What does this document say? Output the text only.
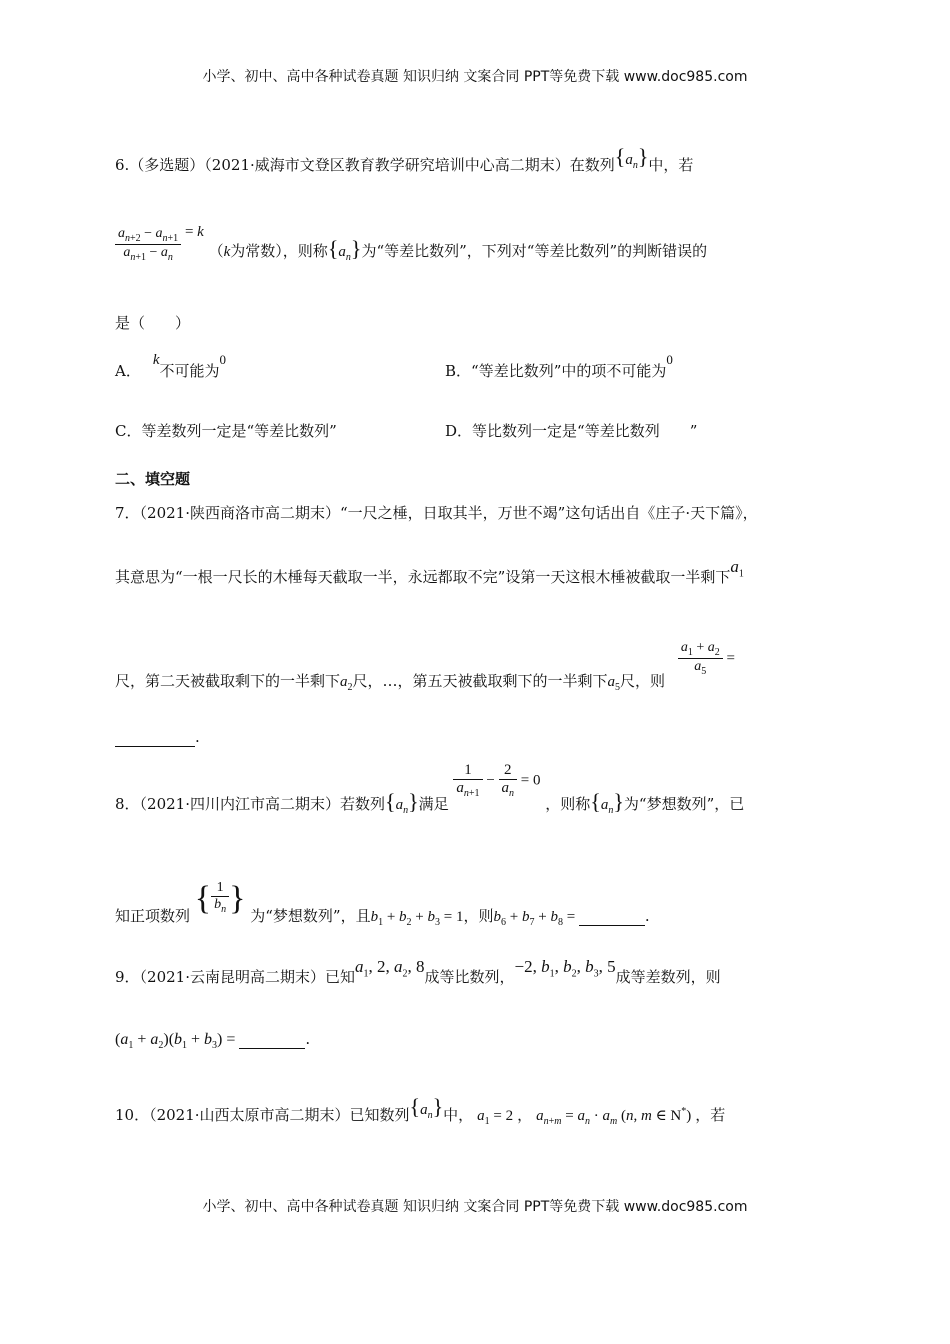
小学、初中、高中各种试卷真题 知识归纳 文案合同 PPT等免费下载 www.doc985.com
6.（多选题）（2021·威海市文登区教育教学研究培训中心高二期末）在数列$\{a_n\}$中，若
$\frac{a_{n+2} - a_{n+1}}{a_{n+1} - a_n} = k$ （k为常数），则称$\{a_n\}$为“等差比数列”，下列对“等差比数列”的判断错误的
是（　　）
A．k不可能为0
B．“等差比数列”中的项不可能为0
C．等差数列一定是“等差比数列”	D．等比数列一定是“等差比数列　　”
二、填空题
7．（2021·陕西商洛市高二期末）“一尺之棰，日取其半，万世不竭”这句话出自《庄子·天下篇》，
其意思为“一根一尺长的木棰每天截取一半，永远都取不完”设第一天这根木棰被截取一半剩下$a_1$
尺，第二天被截取剩下的一半剩下$a_2$尺，…，第五天被截取剩下的一半剩下$a_5$尺，则
$\frac{a_1 + a_2}{a_5}$ =
.
8．（2021·四川内江市高二期末）若数列$\{a_n\}$满足
$\frac{1}{a_{n+1}} - \frac{2}{a_n} = 0$ ，则称$\{a_n\}$为“梦想数列”，已
知正项数列 { $\frac{1}{b_n}$ } 为“梦想数列”，且$b_1 + b_2 + b_3 = 1$，则$b_6 + b_7 + b_8$ =	.
9．（2021·云南昆明高二期末）已知$a_1$, 2, $a_2$, 8成等比数列，−2, $b_1$, $b_2$, $b_3$, 5成等差数列，则
$(a_1 + a_2)(b_1 + b_3)$ =	.
10．（2021·山西太原市高二期末）已知数列$\{a_n\}$中， $a_1 = 2$ ， $a_{n+m} = a_n \cdot a_m$ (n, m ∈ N*) ，若
小学、初中、高中各种试卷真题 知识归纳 文案合同 PPT等免费下载 www.doc985.com
